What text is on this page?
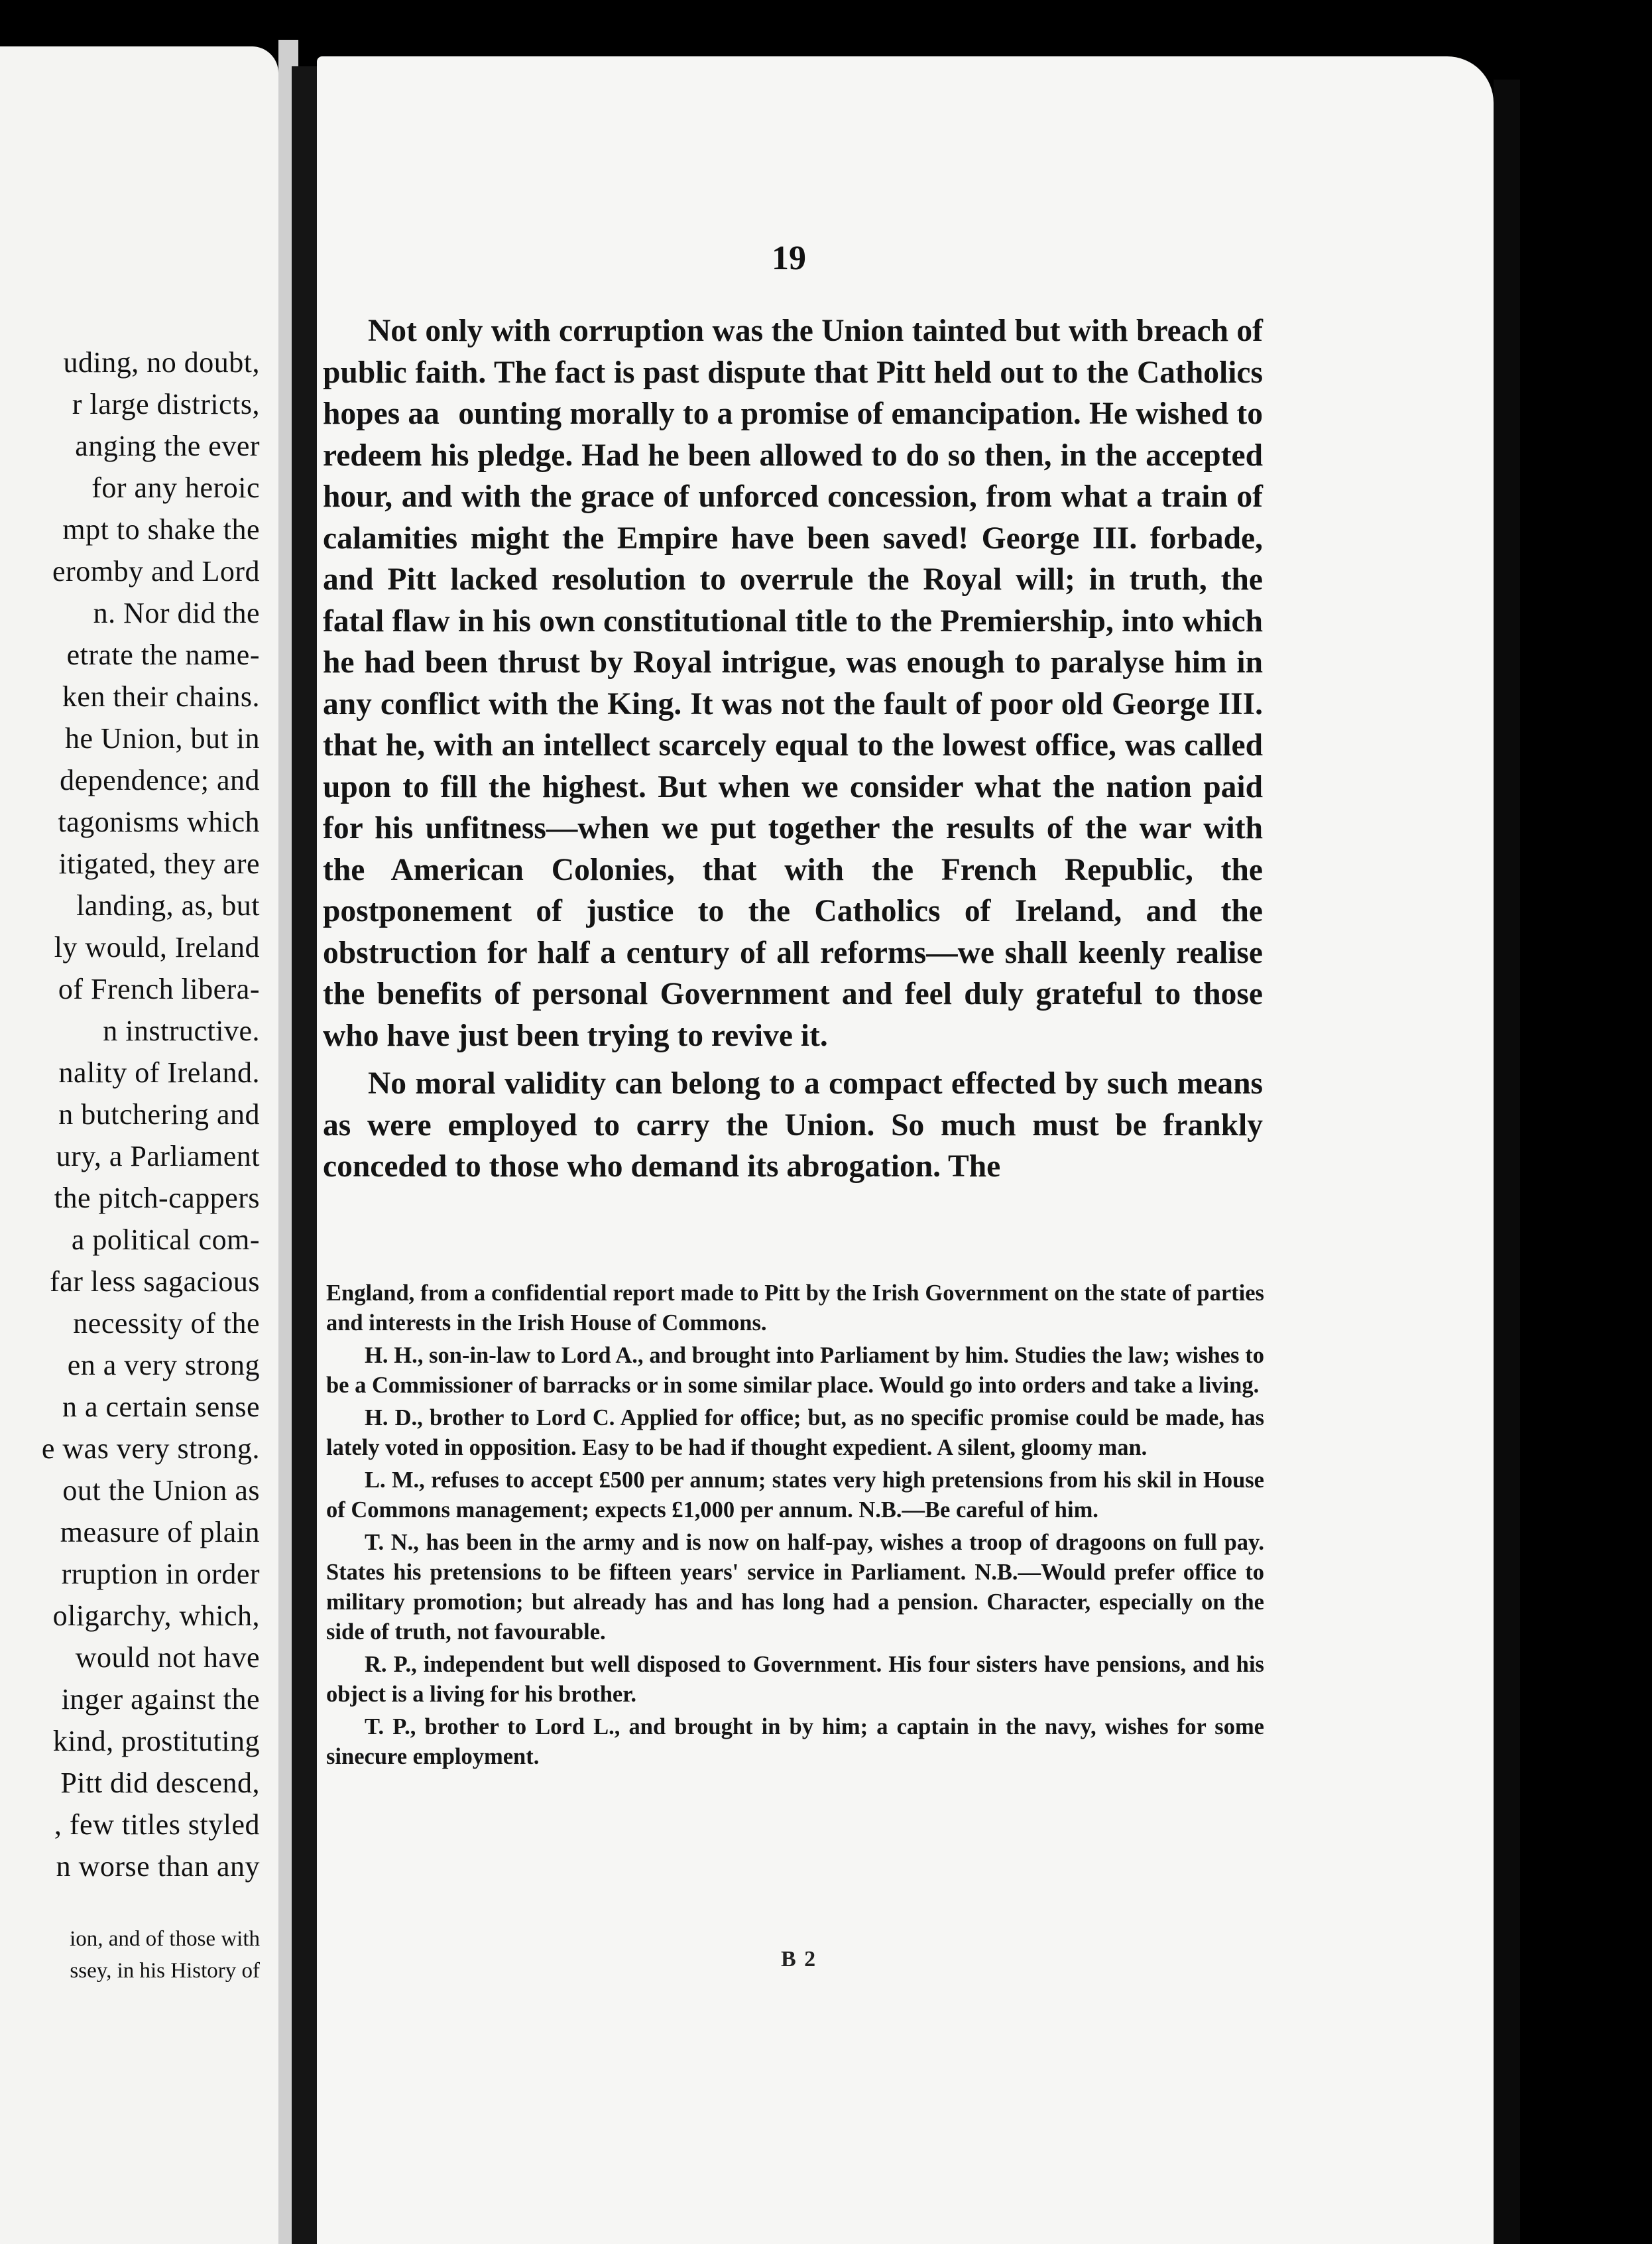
uding, no doubt,
r large districts,
anging the ever
for any heroic
mpt to shake the
eromby and Lord
n. Nor did the
etrate the name-
ken their chains.
he Union, but in
dependence; and
tagonisms which
itigated, they are
landing, as, but
ly would, Ireland
of French libera-
n instructive.
nality of Ireland.
n butchering and
ury, a Parliament
the pitch-cappers
a political com-
far less sagacious
necessity of the
en a very strong
n a certain sense
e was very strong.
out the Union as
measure of plain
rruption in order
oligarchy, which,
would not have
inger against the
kind, prostituting
Pitt did descend,
, few titles styled
n worse than any
ion, and of those with
ssey, in his History of
19

Not only with corruption was the Union tainted but with breach of public faith. The fact is past dispute that Pitt held out to the Catholics hopes aа   ounting morally to a promise of emancipation. He wished to redeem his pledge. Had he been allowed to do so then, in the accepted hour, and with the grace of unforced concession, from what a train of calamities might the Empire have been saved! George III. forbade, and Pitt lacked resolution to overrule the Royal will; in truth, the fatal flaw in his own constitutional title to the Premiership, into which he had been thrust by Royal intrigue, was enough to paralyse him in any conflict with the King. It was not the fault of poor old George III. that he, with an intellect scarcely equal to the lowest office, was called upon to fill the highest. But when we consider what the nation paid for his unfitness—when we put together the results of the war with the American Colonies, that with the French Republic, the postponement of justice to the Catholics of Ireland, and the obstruction for half a century of all reforms—we shall keenly realise the benefits of personal Government and feel duly grateful to those who have just been trying to revive it.

No moral validity can belong to a compact effected by such means as were employed to carry the Union. So much must be frankly conceded to those who demand its abrogation. The

England, from a confidential report made to Pitt by the Irish Government on the state of parties and interests in the Irish House of Commons.

H. H., son-in-law to Lord A., and brought into Parliament by him. Studies the law; wishes to be a Commissioner of barracks or in some similar place. Would go into orders and take a living.

H. D., brother to Lord C. Applied for office; but, as no specific promise could be made, has lately voted in opposition. Easy to be had if thought expedient. A silent, gloomy man.

L. M., refuses to accept £500 per annum; states very high pretensions from his skil in House of Commons management; expects £1,000 per annum. N.B.—Be careful of him.

T. N., has been in the army and is now on half-pay, wishes a troop of dragoons on full pay. States his pretensions to be fifteen years' service in Parliament. N.B.—Would prefer office to military promotion; but already has and has long had a pension. Character, especially on the side of truth, not favourable.

R. P., independent but well disposed to Government. His four sisters have pensions, and his object is a living for his brother.

T. P., brother to Lord L., and brought in by him; a captain in the navy, wishes for some sinecure employment.

B 2
